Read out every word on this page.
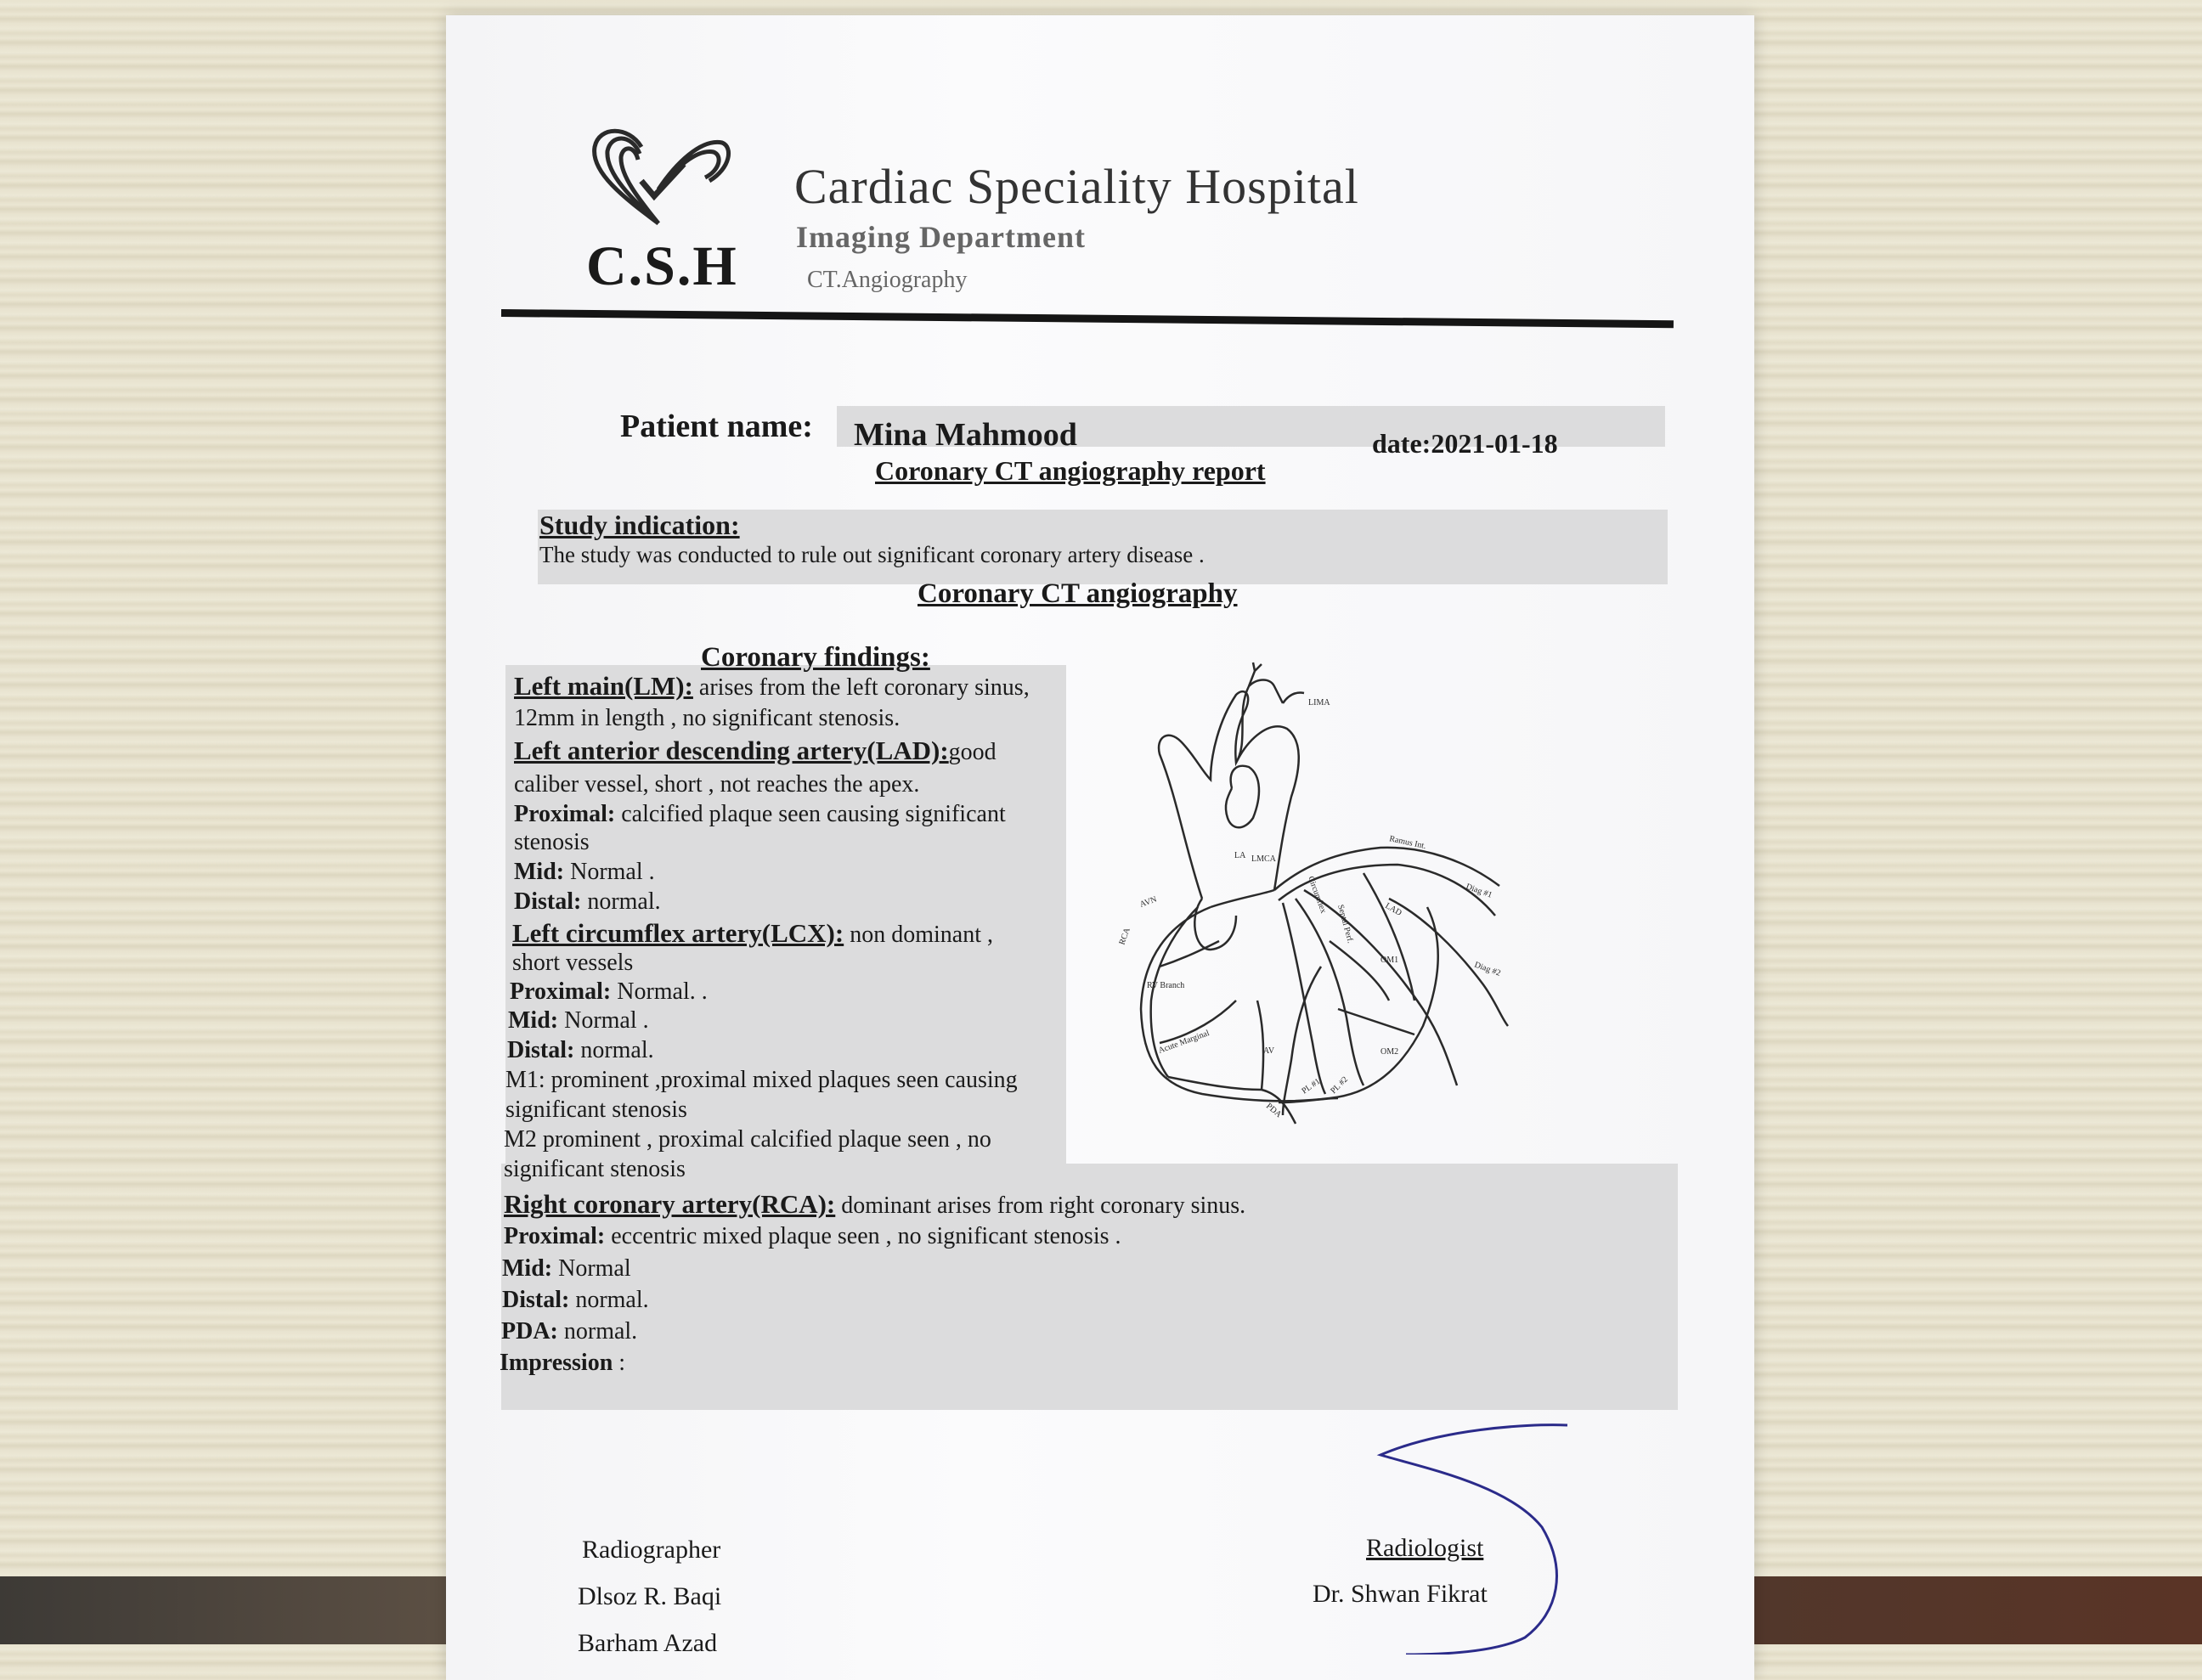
C.S.H
Cardiac Speciality Hospital
Imaging Department
CT.Angiography
Patient name: Mina Mahmood	date:2021-01-18
Coronary CT angiography report
Study indication:
The study was conducted to rule out significant coronary artery disease .
Coronary CT angiography
Coronary findings:
Left main(LM): arises from the left coronary sinus,
12mm in length , no significant stenosis.
Left anterior descending artery(LAD):good
caliber vessel, short , not reaches the apex.
Proximal: calcified plaque seen causing significant
stenosis
Mid: Normal .
Distal: normal.
Left circumflex artery(LCX): non dominant ,
short vessels
Proximal: Normal. .
Mid: Normal .
Distal: normal.
M1: prominent ,proximal mixed plaques seen causing
significant stenosis
M2 prominent , proximal calcified plaque seen , no
significant stenosis
Right coronary artery(RCA): dominant arises from right coronary sinus.
Proximal: eccentric mixed plaque seen , no significant stenosis .
Mid: Normal
Distal: normal.
PDA: normal.
Impression :
LIMA
Ramus Int.
Diag #1
Diag #2
LMCA
LA
AVN
RCA
Circumflex
Septal Perf.	LAD
OM1
OM2
RV Branch
Acute Marginal	AV
PDA
PL #1 PL #2
Radiographer
Dlsoz R. Baqi
Barham Azad
Radiologist
Dr. Shwan Fikrat
